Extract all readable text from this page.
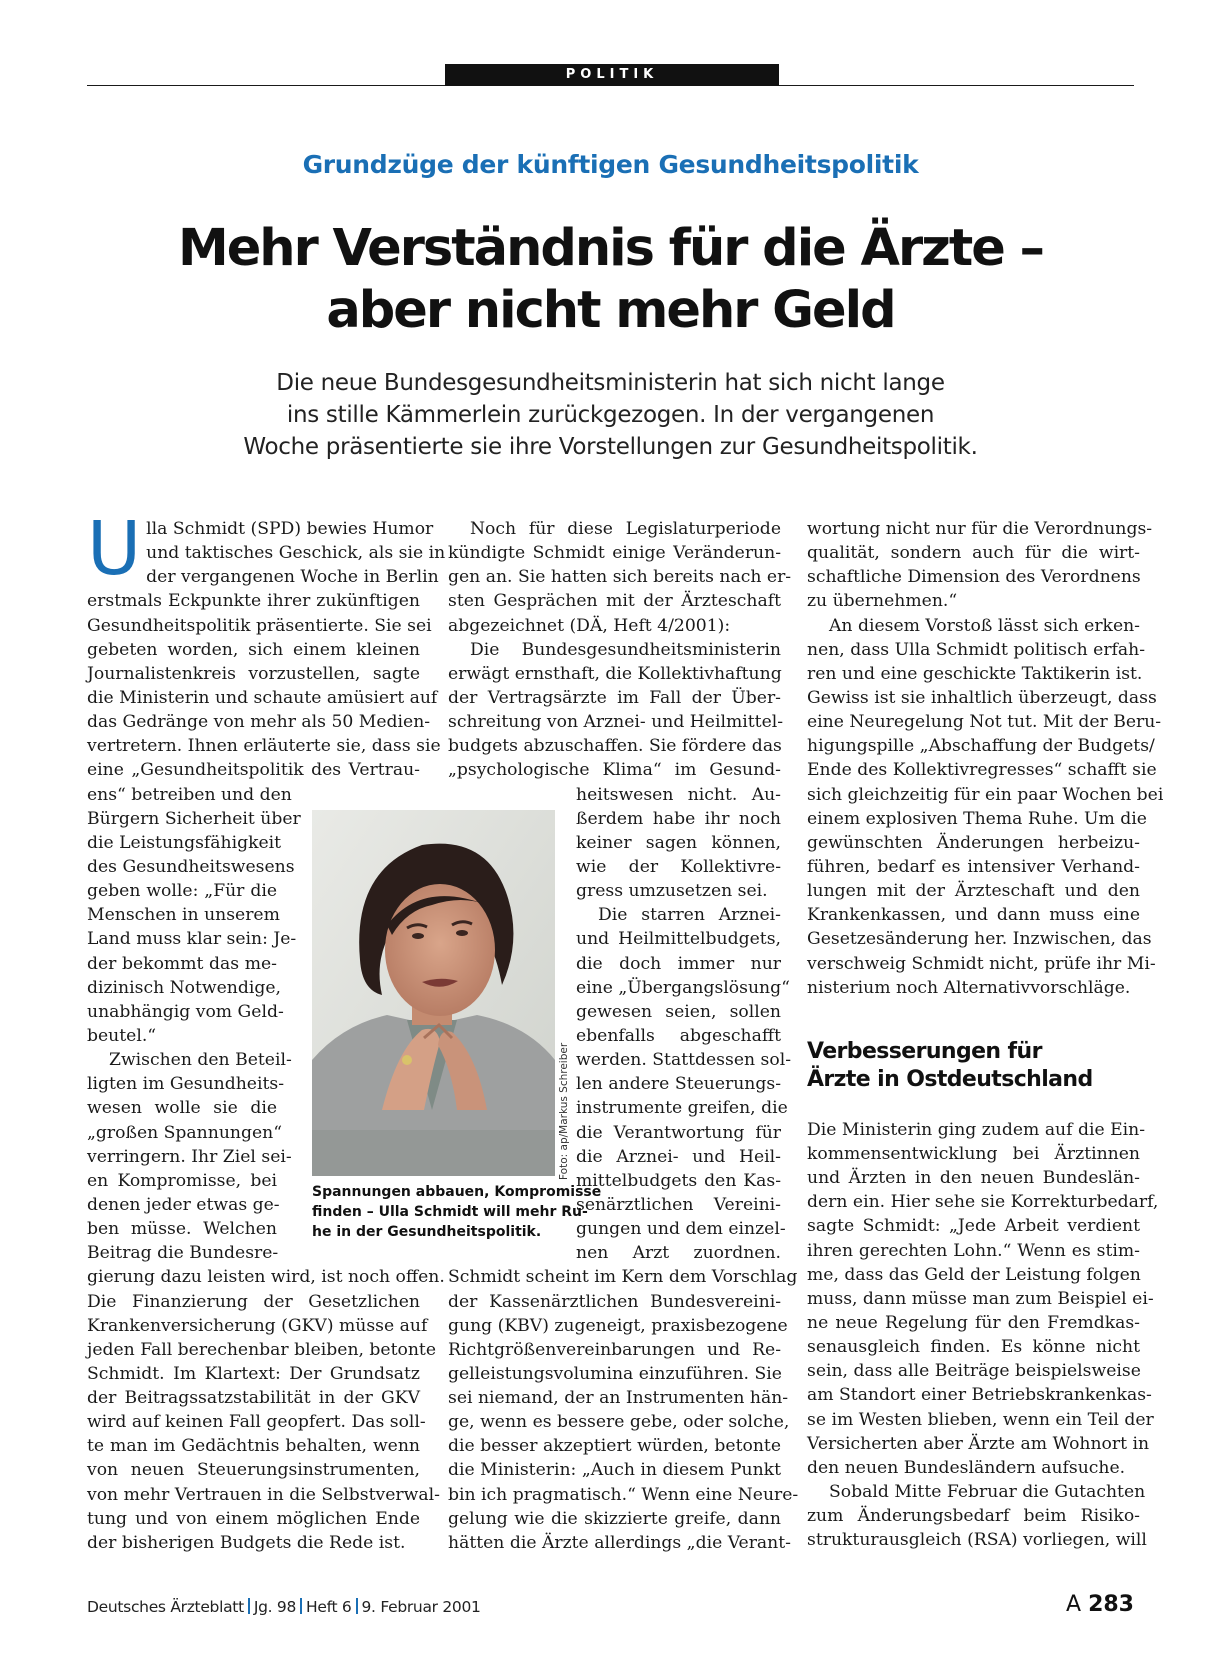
POLITIK
Grundzüge der künftigen Gesundheitspolitik
Mehr Verständnis für die Ärzte –
aber nicht mehr Geld
Die neue Bundesgesundheitsministerin hat sich nicht lange
ins stille Kämmerlein zurückgezogen. In der vergangenen
Woche präsentierte sie ihre Vorstellungen zur Gesundheitspolitik.
U lla Schmidt (SPD) bewies Humor
und taktisches Geschick, als sie in
der vergangenen Woche in Berlin
erstmals Eckpunkte ihrer zukünftigen
Gesundheitspolitik präsentierte. Sie sei
gebeten worden, sich einem kleinen
Journalistenkreis vorzustellen, sagte
die Ministerin und schaute amüsiert auf
das Gedränge von mehr als 50 Medien-
vertretern. Ihnen erläuterte sie, dass sie
eine „Gesundheitspolitik des Vertrau-
ens“ betreiben und den
Bürgern Sicherheit über
die Leistungsfähigkeit
des Gesundheitswesens
geben wolle: „Für die
Menschen in unserem
Land muss klar sein: Je-
der bekommt das me-
dizinisch Notwendige,
unabhängig vom Geld-
beutel.“
Zwischen den Beteil-
ligten im Gesundheits-
wesen wolle sie die
„großen Spannungen“
verringern. Ihr Ziel sei-
en Kompromisse, bei
denen jeder etwas ge-
ben müsse. Welchen
Beitrag die Bundesre-
gierung dazu leisten wird, ist noch offen.
Die Finanzierung der Gesetzlichen
Krankenversicherung (GKV) müsse auf
jeden Fall berechenbar bleiben, betonte
Schmidt. Im Klartext: Der Grundsatz
der Beitragssatzstabilität in der GKV
wird auf keinen Fall geopfert. Das soll-
te man im Gedächtnis behalten, wenn
von neuen Steuerungsinstrumenten,
von mehr Vertrauen in die Selbstverwal-
tung und von einem möglichen Ende
der bisherigen Budgets die Rede ist.
Noch für diese Legislaturperiode
kündigte Schmidt einige Veränderun-
gen an. Sie hatten sich bereits nach er-
sten Gesprächen mit der Ärzteschaft
abgezeichnet (DÄ, Heft 4/2001):
Die Bundesgesundheitsministerin
erwägt ernsthaft, die Kollektivhaftung
der Vertragsärzte im Fall der Über-
schreitung von Arznei- und Heilmittel-
budgets abzuschaffen. Sie fördere das
„psychologische Klima“ im Gesund-
heitswesen nicht. Au-
ßerdem habe ihr noch
keiner sagen können,
wie der Kollektivre-
gress umzusetzen sei.
Die starren Arznei-
und Heilmittelbudgets,
die doch immer nur
eine „Übergangslösung“
gewesen seien, sollen
ebenfalls abgeschafft
werden. Stattdessen sol-
len andere Steuerungs-
instrumente greifen, die
die Verantwortung für
die Arznei- und Heil-
mittelbudgets den Kas-
senärztlichen Vereini-
gungen und dem einzel-
nen Arzt zuordnen.
Schmidt scheint im Kern dem Vorschlag
der Kassenärztlichen Bundesvereini-
gung (KBV) zugeneigt, praxisbezogene
Richtgrößenvereinbarungen und Re-
gelleistungsvolumina einzuführen. Sie
sei niemand, der an Instrumenten hän-
ge, wenn es bessere gebe, oder solche,
die besser akzeptiert würden, betonte
die Ministerin: „Auch in diesem Punkt
bin ich pragmatisch.“ Wenn eine Neure-
gelung wie die skizzierte greife, dann
hätten die Ärzte allerdings „die Verant-
wortung nicht nur für die Verordnungs-
qualität, sondern auch für die wirt-
schaftliche Dimension des Verordnens
zu übernehmen.“
An diesem Vorstoß lässt sich erken-
nen, dass Ulla Schmidt politisch erfah-
ren und eine geschickte Taktikerin ist.
Gewiss ist sie inhaltlich überzeugt, dass
eine Neuregelung Not tut. Mit der Beru-
higungspille „Abschaffung der Budgets/
Ende des Kollektivregresses“ schafft sie
sich gleichzeitig für ein paar Wochen bei
einem explosiven Thema Ruhe. Um die
gewünschten Änderungen herbeizu-
führen, bedarf es intensiver Verhand-
lungen mit der Ärzteschaft und den
Krankenkassen, und dann muss eine
Gesetzesänderung her. Inzwischen, das
verschweig Schmidt nicht, prüfe ihr Mi-
nisterium noch Alternativvorschläge.
Verbesserungen für
Ärzte in Ostdeutschland
Die Ministerin ging zudem auf die Ein-
kommensentwicklung bei Ärztinnen
und Ärzten in den neuen Bundeslän-
dern ein. Hier sehe sie Korrekturbedarf,
sagte Schmidt: „Jede Arbeit verdient
ihren gerechten Lohn.“ Wenn es stim-
me, dass das Geld der Leistung folgen
muss, dann müsse man zum Beispiel ei-
ne neue Regelung für den Fremdkas-
senausgleich finden. Es könne nicht
sein, dass alle Beiträge beispielsweise
am Standort einer Betriebskrankenkas-
se im Westen blieben, wenn ein Teil der
Versicherten aber Ärzte am Wohnort in
den neuen Bundesländern aufsuche.
Sobald Mitte Februar die Gutachten
zum Änderungsbedarf beim Risiko-
strukturausgleich (RSA) vorliegen, will
Foto: ap/Markus Schreiber
Spannungen abbauen, Kompromisse
finden – Ulla Schmidt will mehr Ru-
he in der Gesundheitspolitik.
Deutsches Ärzteblatt Jg. 98 Heft 6 9. Februar 2001	A 283
